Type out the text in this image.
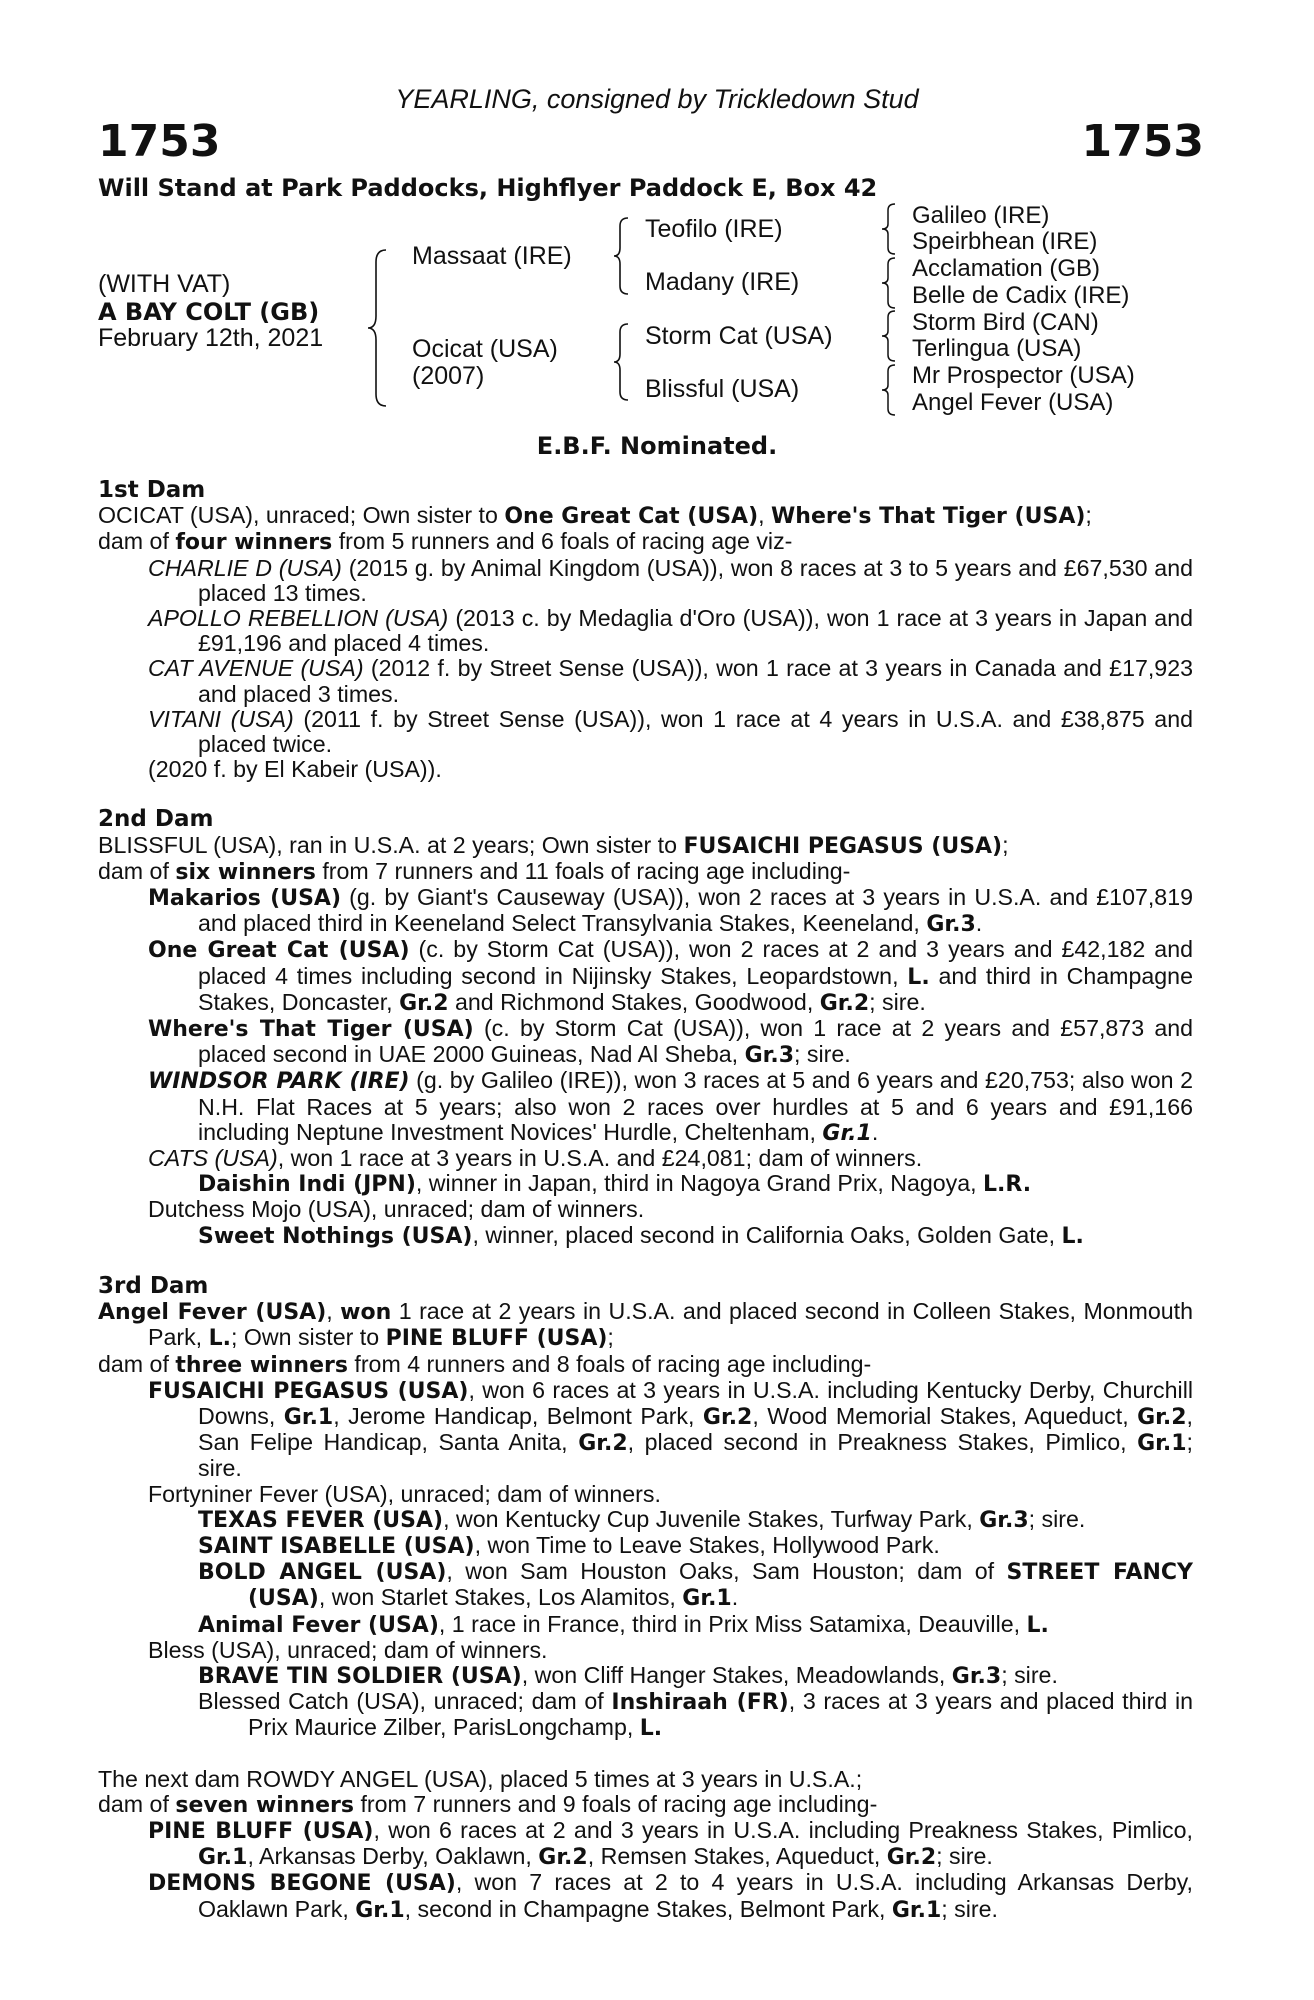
YEARLING, consigned by Trickledown Stud
1753	1753
Will Stand at Park Paddocks, Highflyer Paddock E, Box 42
(WITH VAT)
A BAY COLT (GB)
February 12th, 2021
Massaat (IRE)
Ocicat (USA)
(2007)
Teofilo (IRE)
Madany (IRE)
Storm Cat (USA)
Blissful (USA)
Galileo (IRE)
Speirbhean (IRE)
Acclamation (GB)
Belle de Cadix (IRE)
Storm Bird (CAN)
Terlingua (USA)
Mr Prospector (USA)
Angel Fever (USA)
E.B.F. Nominated.
1st Dam

OCICAT (USA), unraced; Own sister to One Great Cat (USA), Where's That Tiger (USA);

dam of four winners from 5 runners and 6 foals of racing age viz-

CHARLIE D (USA) (2015 g. by Animal Kingdom (USA)), won 8 races at 3 to 5 years and £67,530 and placed 13 times.

APOLLO REBELLION (USA) (2013 c. by Medaglia d'Oro (USA)), won 1 race at 3 years in Japan and £91,196 and placed 4 times.

CAT AVENUE (USA) (2012 f. by Street Sense (USA)), won 1 race at 3 years in Canada and £17,923 and placed 3 times.

VITANI (USA) (2011 f. by Street Sense (USA)), won 1 race at 4 years in U.S.A. and £38,875 and placed twice.

(2020 f. by El Kabeir (USA)).

2nd Dam

BLISSFUL (USA), ran in U.S.A. at 2 years; Own sister to FUSAICHI PEGASUS (USA);

dam of six winners from 7 runners and 11 foals of racing age including-

Makarios (USA) (g. by Giant's Causeway (USA)), won 2 races at 3 years in U.S.A. and £107,819 and placed third in Keeneland Select Transylvania Stakes, Keeneland, Gr.3.

One Great Cat (USA) (c. by Storm Cat (USA)), won 2 races at 2 and 3 years and £42,182 and placed 4 times including second in Nijinsky Stakes, Leopardstown, L. and third in Champagne Stakes, Doncaster, Gr.2 and Richmond Stakes, Goodwood, Gr.2; sire.

Where's That Tiger (USA) (c. by Storm Cat (USA)), won 1 race at 2 years and £57,873 and placed second in UAE 2000 Guineas, Nad Al Sheba, Gr.3; sire.

WINDSOR PARK (IRE) (g. by Galileo (IRE)), won 3 races at 5 and 6 years and £20,753; also won 2 N.H. Flat Races at 5 years; also won 2 races over hurdles at 5 and 6 years and £91,166 including Neptune Investment Novices' Hurdle, Cheltenham, Gr.1.

CATS (USA), won 1 race at 3 years in U.S.A. and £24,081; dam of winners.

Daishin Indi (JPN), winner in Japan, third in Nagoya Grand Prix, Nagoya, L.R.

Dutchess Mojo (USA), unraced; dam of winners.

Sweet Nothings (USA), winner, placed second in California Oaks, Golden Gate, L.

3rd Dam

Angel Fever (USA), won 1 race at 2 years in U.S.A. and placed second in Colleen Stakes, Monmouth Park, L.; Own sister to PINE BLUFF (USA);

dam of three winners from 4 runners and 8 foals of racing age including-

FUSAICHI PEGASUS (USA), won 6 races at 3 years in U.S.A. including Kentucky Derby, Churchill Downs, Gr.1, Jerome Handicap, Belmont Park, Gr.2, Wood Memorial Stakes, Aqueduct, Gr.2, San Felipe Handicap, Santa Anita, Gr.2, placed second in Preakness Stakes, Pimlico, Gr.1; sire.

Fortyniner Fever (USA), unraced; dam of winners.

TEXAS FEVER (USA), won Kentucky Cup Juvenile Stakes, Turfway Park, Gr.3; sire.

SAINT ISABELLE (USA), won Time to Leave Stakes, Hollywood Park.

BOLD ANGEL (USA), won Sam Houston Oaks, Sam Houston; dam of STREET FANCY (USA), won Starlet Stakes, Los Alamitos, Gr.1.

Animal Fever (USA), 1 race in France, third in Prix Miss Satamixa, Deauville, L.

Bless (USA), unraced; dam of winners.

BRAVE TIN SOLDIER (USA), won Cliff Hanger Stakes, Meadowlands, Gr.3; sire.

Blessed Catch (USA), unraced; dam of Inshiraah (FR), 3 races at 3 years and placed third in Prix Maurice Zilber, ParisLongchamp, L.

The next dam ROWDY ANGEL (USA), placed 5 times at 3 years in U.S.A.;

dam of seven winners from 7 runners and 9 foals of racing age including-

PINE BLUFF (USA), won 6 races at 2 and 3 years in U.S.A. including Preakness Stakes, Pimlico, Gr.1, Arkansas Derby, Oaklawn, Gr.2, Remsen Stakes, Aqueduct, Gr.2; sire.

DEMONS BEGONE (USA), won 7 races at 2 to 4 years in U.S.A. including Arkansas Derby, Oaklawn Park, Gr.1, second in Champagne Stakes, Belmont Park, Gr.1; sire.
